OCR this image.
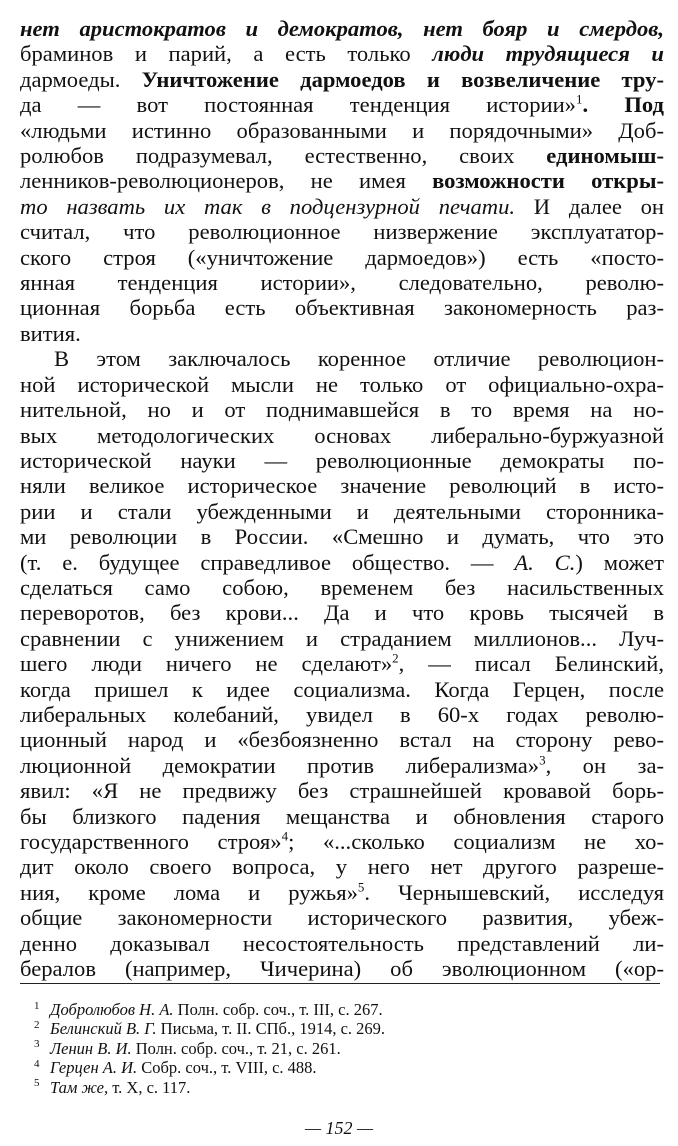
нет аристократов и демократов, нет бояр и смердов,
браминов и парий, а есть только люди трудящиеся и
дармоеды. Уничтожение дармоедов и возвеличение тру-
да — вот постоянная тенденция истории»$^1$. Под
«людьми истинно образованными и порядочными» Доб-
ролюбов подразумевал, естественно, своих единомыш-
ленников-революционеров, не имея возможности откры-
то назвать их так в подцензурной печати. И далее он
считал, что революционное низвержение эксплуататор-
ского строя («уничтожение дармоедов») есть «посто-
янная тенденция истории», следовательно, револю-
ционная борьба есть объективная закономерность раз-
вития.
В этом заключалось коренное отличие революцион-
ной исторической мысли не только от официально-охра-
нительной, но и от поднимавшейся в то время на но-
вых методологических основах либерально-буржуазной
исторической науки — революционные демократы по-
няли великое историческое значение революций в исто-
рии и стали убежденными и деятельными сторонника-
ми революции в России. «Смешно и думать, что это
(т. е. будущее справедливое общество. — А. С.) может
сделаться само собою, временем без насильственных
переворотов, без крови... Да и что кровь тысячей в
сравнении с унижением и страданием миллионов... Луч-
шего люди ничего не сделают»$^2$, — писал Белинский,
когда пришел к идее социализма. Когда Герцен, после
либеральных колебаний, увидел в 60-х годах револю-
ционный народ и «безбоязненно встал на сторону рево-
люционной демократии против либерализма»$^3$, он за-
явил: «Я не предвижу без страшнейшей кровавой борь-
бы близкого падения мещанства и обновления старого
государственного строя»$^4$; «...сколько социализм не хо-
дит около своего вопроса, у него нет другого разреше-
ния, кроме лома и ружья»$^5$. Чернышевский, исследуя
общие закономерности исторического развития, убеж-
денно доказывал несостоятельность представлений ли-
бералов (например, Чичерина) об эволюционном («ор-
1 Добролюбов Н. А. Полн. собр. соч., т. III, с. 267.
2 Белинский В. Г. Письма, т. II. СПб., 1914, с. 269.
3 Ленин В. И. Полн. собр. соч., т. 21, с. 261.
4 Герцен А. И. Собр. соч., т. VIII, с. 488.
5 Там же, т. X, с. 117.
— 152 —
